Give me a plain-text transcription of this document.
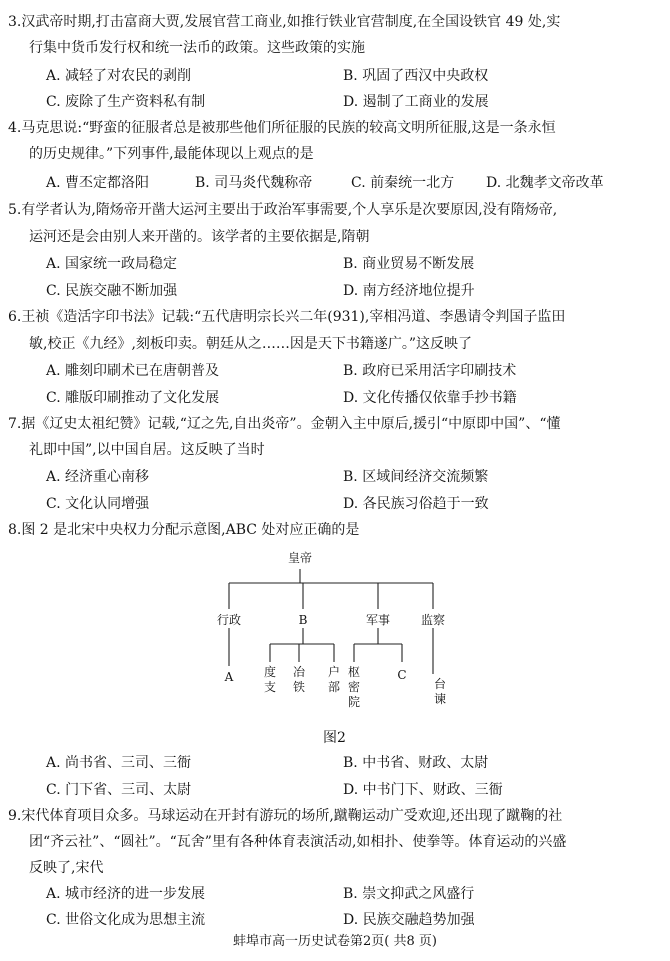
3.汉武帝时期,打击富商大贾,发展官营工商业,如推行铁业官营制度,在全国设铁官 49 处,实
行集中货币发行权和统一法币的政策。这些政策的实施
A. 减轻了对农民的剥削	B. 巩固了西汉中央政权
C. 废除了生产资料私有制	D. 遏制了工商业的发展
4.马克思说:“野蛮的征服者总是被那些他们所征服的民族的较高文明所征服,这是一条永恒
的历史规律。”下列事件,最能体现以上观点的是
A. 曹丕定都洛阳	B. 司马炎代魏称帝	C. 前秦统一北方 D. 北魏孝文帝改革
5.有学者认为,隋炀帝开凿大运河主要出于政治军事需要,个人享乐是次要原因,没有隋炀帝,
运河还是会由别人来开凿的。该学者的主要依据是,隋朝
A. 国家统一政局稳定	B. 商业贸易不断发展
C. 民族交融不断加强	D. 南方经济地位提升
6.王祯《造活字印书法》记载:“五代唐明宗长兴二年(931),宰相冯道、李愚请令判国子监田
敏,校正《九经》,刻板印卖。朝廷从之……因是天下书籍遂广。”这反映了
A. 雕刻印刷术已在唐朝普及	B. 政府已采用活字印刷技术
C. 雕版印刷推动了文化发展	D. 文化传播仅依靠手抄书籍
7.据《辽史太祖纪赞》记载,“辽之先,自出炎帝”。金朝入主中原后,援引“中原即中国”、“懂
礼即中国”,以中国自居。这反映了当时
A. 经济重心南移	B. 区域间经济交流频繁
C. 文化认同增强	D. 各民族习俗趋于一致
8.图 2 是北宋中央权力分配示意图,ABC 处对应正确的是
皇帝
行政	B	军事	监察
A	C
度支
冶铁
户部
枢密院
台谏
图2
A. 尚书省、三司、三衙	B. 中书省、财政、太尉
C. 门下省、三司、太尉	D. 中书门下、财政、三衙
9.宋代体育项目众多。马球运动在开封有游玩的场所,蹴鞠运动广受欢迎,还出现了蹴鞠的社
团“齐云社”、“圆社”。“瓦舍”里有各种体育表演活动,如相扑、使拳等。体育运动的兴盛
反映了,宋代
A. 城市经济的进一步发展	B. 崇文抑武之风盛行
C. 世俗文化成为思想主流	D. 民族交融趋势加强
蚌埠市高一历史试卷第2页( 共8 页)
